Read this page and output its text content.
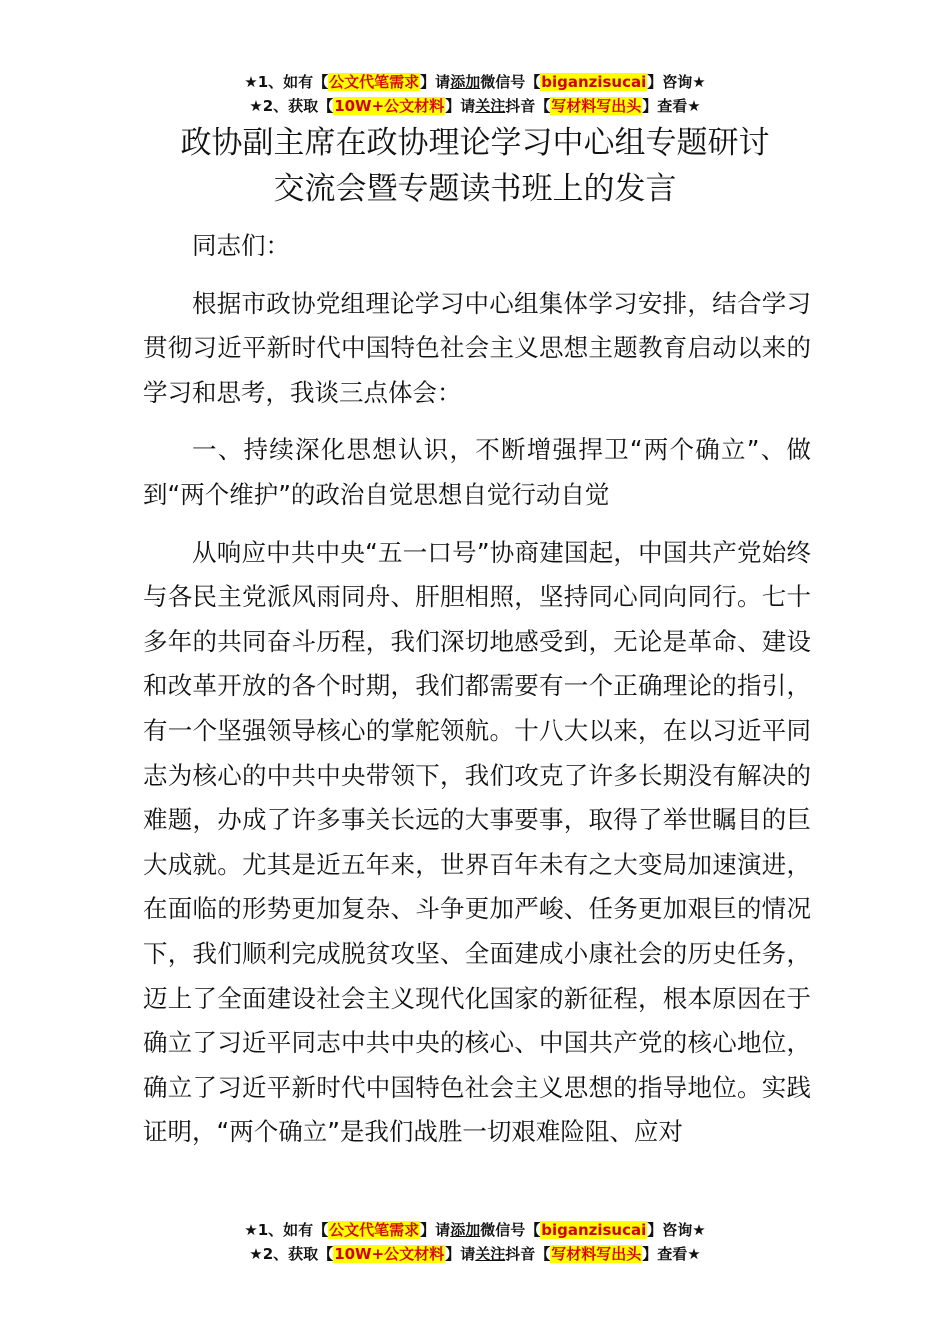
★1、如有【公文代笔需求】请添加微信号【biganzisucai】咨询★
★2、获取【10W+公文材料】请关注抖音【写材料写出头】查看★
政协副主席在政协理论学习中心组专题研讨
交流会暨专题读书班上的发言

同志们：

根据市政协党组理论学习中心组集体学习安排，结合学习贯彻习近平新时代中国特色社会主义思想主题教育启动以来的学习和思考，我谈三点体会：

一、持续深化思想认识，不断增强捍卫“两个确立”、做到“两个维护”的政治自觉思想自觉行动自觉

从响应中共中央“五一口号”协商建国起，中国共产党始终与各民主党派风雨同舟、肝胆相照，坚持同心同向同行。七十多年的共同奋斗历程，我们深切地感受到，无论是革命、建设和改革开放的各个时期，我们都需要有一个正确理论的指引，有一个坚强领导核心的掌舵领航。十八大以来，在以习近平同志为核心的中共中央带领下，我们攻克了许多长期没有解决的难题，办成了许多事关长远的大事要事，取得了举世瞩目的巨大成就。尤其是近五年来，世界百年未有之大变局加速演进，在面临的形势更加复杂、斗争更加严峻、任务更加艰巨的情况下，我们顺利完成脱贫攻坚、全面建成小康社会的历史任务，迈上了全面建设社会主义现代化国家的新征程，根本原因在于确立了习近平同志中共中央的核心、中国共产党的核心地位，确立了习近平新时代中国特色社会主义思想的指导地位。实践证明，“两个确立”是我们战胜一切艰难险阻、应对

★1、如有【公文代笔需求】请添加微信号【biganzisucai】咨询★
★2、获取【10W+公文材料】请关注抖音【写材料写出头】查看★
